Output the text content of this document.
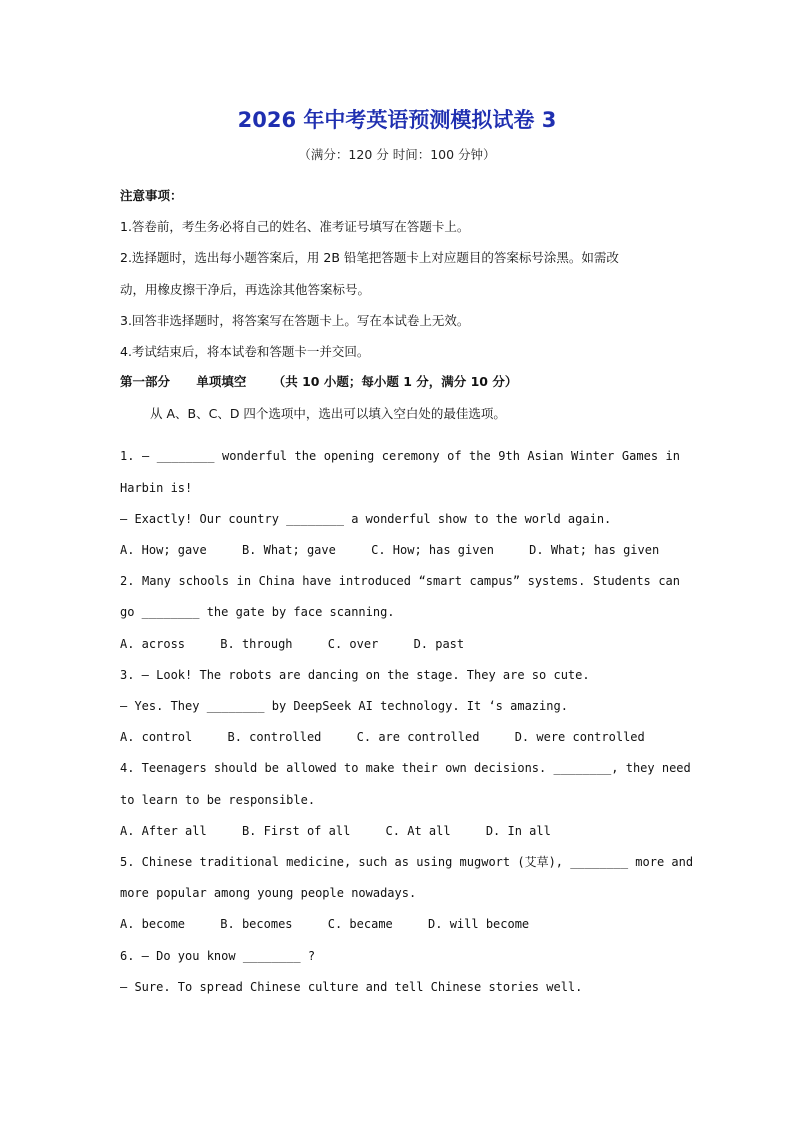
2026 年中考英语预测模拟试卷 3
（满分：120 分 时间：100 分钟）
注意事项：
1.答卷前，考生务必将自己的姓名、准考证号填写在答题卡上。
2.选择题时，选出每小题答案后，用 2B 铅笔把答题卡上对应题目的答案标号涂黑。如需改
动，用橡皮擦干净后，再选涂其他答案标号。
3.回答非选择题时，将答案写在答题卡上。写在本试卷上无效。
4.考试结束后，将本试卷和答题卡一并交回。
第一部分 单项填空 （共 10 小题；每小题 1 分，满分 10 分）
从 A、B、C、D 四个选项中，选出可以填入空白处的最佳选项。
1. — ________ wonderful the opening ceremony of the 9th Asian Winter Games in
Harbin is!
— Exactly! Our country ________ a wonderful show to the world again.
A. How; gave	B. What; gave	C. How; has given	D. What; has given
2. Many schools in China have introduced “smart campus” systems. Students can
go ________ the gate by face scanning.
A. across	B. through	C. over	D. past
3. — Look! The robots are dancing on the stage. They are so cute.
— Yes. They ________ by DeepSeek AI technology. It ‘s amazing.
A. control	B. controlled	C. are controlled	D. were controlled
4. Teenagers should be allowed to make their own decisions. ________, they need
to learn to be responsible.
A. After all	B. First of all	C. At all	D. In all
5. Chinese traditional medicine, such as using mugwort (艾草), ________ more and
more popular among young people nowadays.
A. become	B. becomes	C. became	D. will become
6. — Do you know ________ ?
— Sure. To spread Chinese culture and tell Chinese stories well.
